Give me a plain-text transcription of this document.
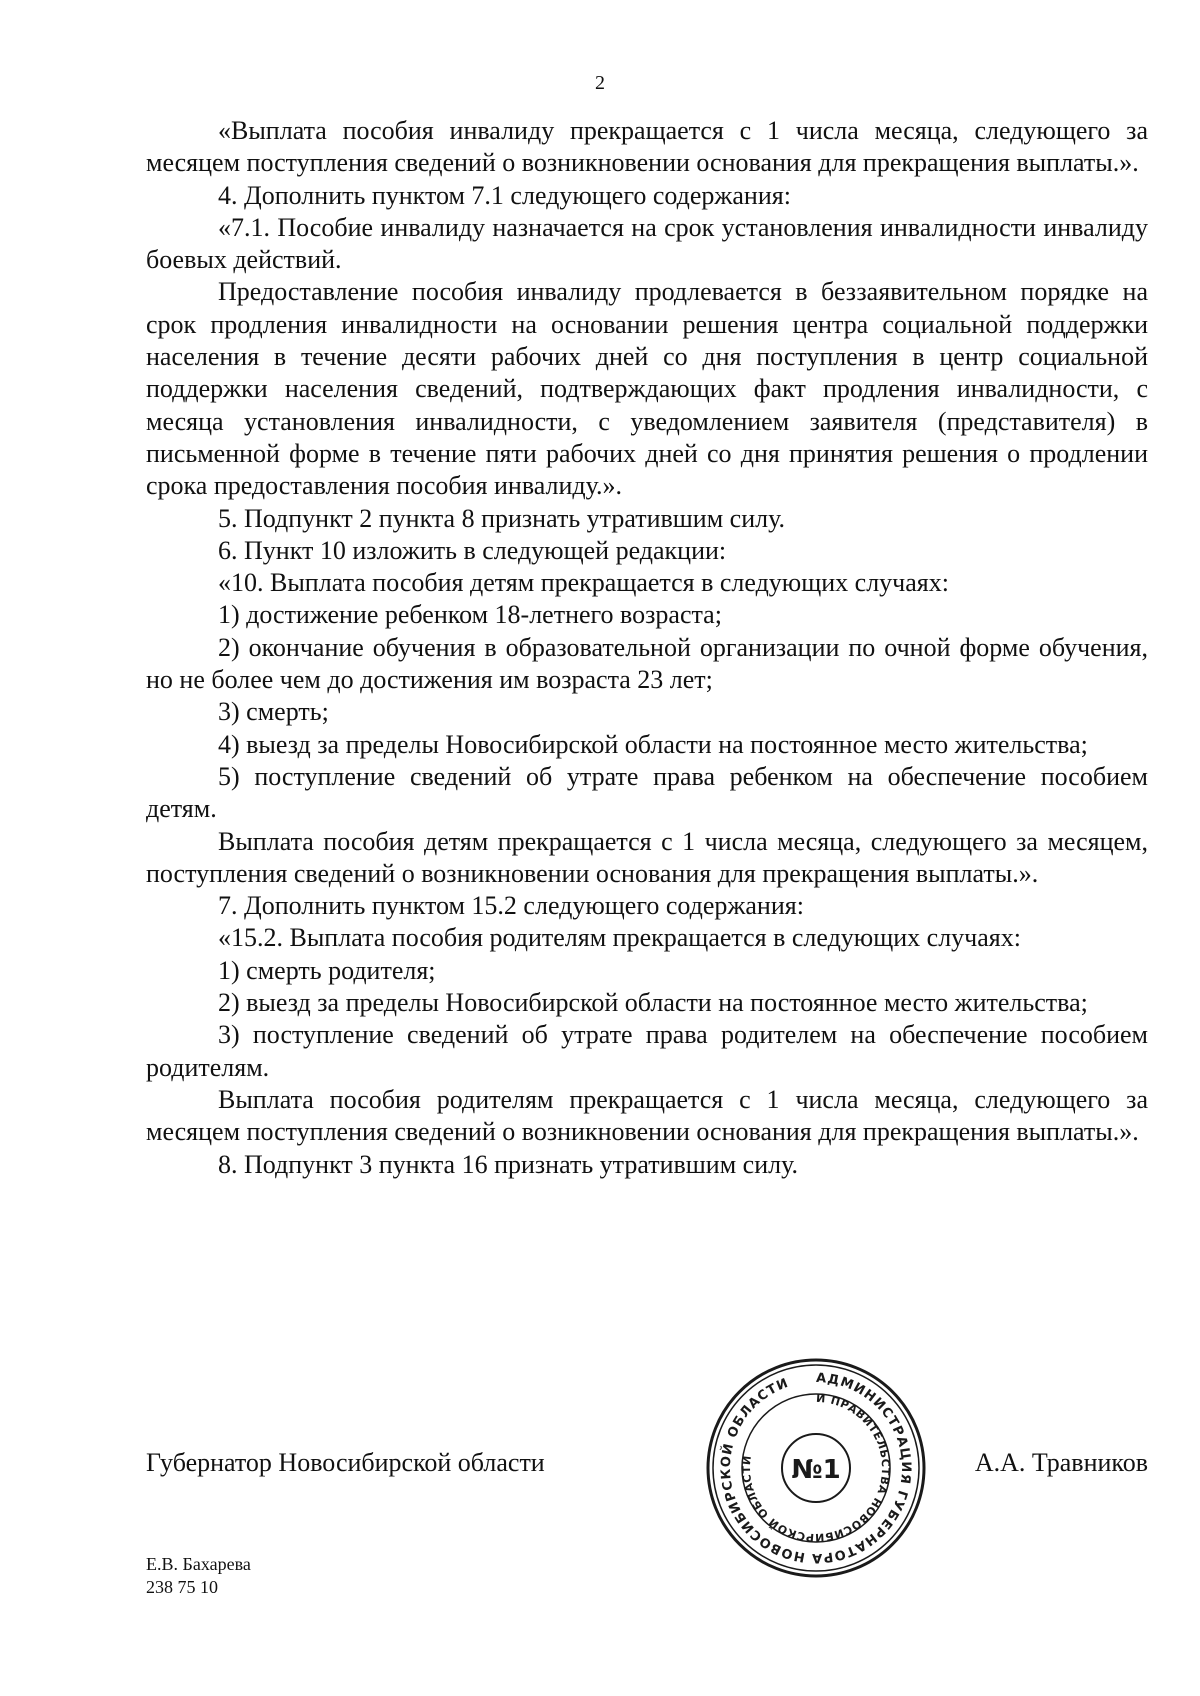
2

«Выплата пособия инвалиду прекращается с 1 числа месяца, следующего за месяцем поступления сведений о возникновении основания для прекращения выплаты.».

4. Дополнить пунктом 7.1 следующего содержания:

«7.1. Пособие инвалиду назначается на срок установления инвалидности инвалиду боевых действий.

Предоставление пособия инвалиду продлевается в беззаявительном порядке на срок продления инвалидности на основании решения центра социальной поддержки населения в течение десяти рабочих дней со дня поступления в центр социальной поддержки населения сведений, подтверждающих факт продления инвалидности, с месяца установления инвалидности, с уведомлением заявителя (представителя) в письменной форме в течение пяти рабочих дней со дня принятия решения о продлении срока предоставления пособия инвалиду.».

5. Подпункт 2 пункта 8 признать утратившим силу.

6. Пункт 10 изложить в следующей редакции:

«10. Выплата пособия детям прекращается в следующих случаях:

1) достижение ребенком 18-летнего возраста;

2) окончание обучения в образовательной организации по очной форме обучения, но не более чем до достижения им возраста 23 лет;

3) смерть;

4) выезд за пределы Новосибирской области на постоянное место жительства;

5) поступление сведений об утрате права ребенком на обеспечение пособием детям.

Выплата пособия детям прекращается с 1 числа месяца, следующего за месяцем, поступления сведений о возникновении основания для прекращения выплаты.».

7. Дополнить пунктом 15.2 следующего содержания:

«15.2. Выплата пособия родителям прекращается в следующих случаях:

1) смерть родителя;

2) выезд за пределы Новосибирской области на постоянное место жительства;

3) поступление сведений об утрате права родителем на обеспечение пособием родителям.

Выплата пособия родителям прекращается с 1 числа месяца, следующего за месяцем поступления сведений о возникновении основания для прекращения выплаты.».

8. Подпункт 3 пункта 16 признать утратившим силу.

Губернатор Новосибирской области	А.А. Травников
АДМИНИСТРАЦИЯ ГУБЕРНАТОРА НОВОСИБИРСКОЙ ОБЛАСТИ
И ПРАВИТЕЛЬСТВА НОВОСИБИРСКОЙ ОБЛАСТИ	№1
Е.В. Бахарева
238 75 10
